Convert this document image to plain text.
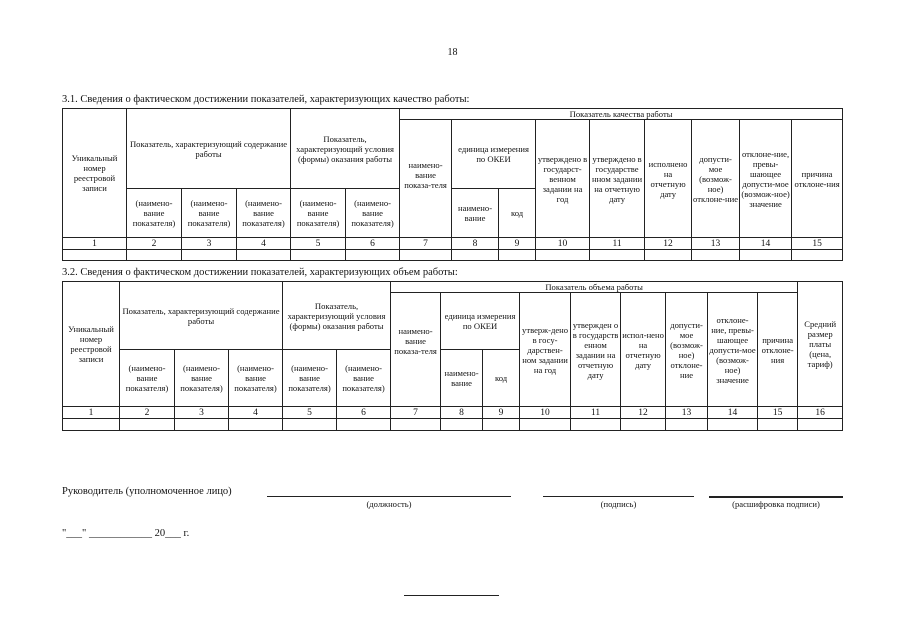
18
3.1. Сведения о фактическом достижении показателей, характеризующих качество работы:
Уникальный номер реестровой записи	Показатель, характеризующий содержание работы			Показатель, характеризующий условия (формы) оказания работы		Показатель качества работы								
						наимено-вание показа-теля	единица измерения по ОКЕИ		утверждено в государст-венном задании на год	утверждено в государстве нном задании на отчетную дату	исполнено на отчетную дату	допусти-мое (возмож-ное) отклоне-ние	отклоне-ние, превы-шающее допусти-мое (возмож-ное) значение	причина отклоне-ния
	(наимено-вание показателя)	(наимено-вание показателя)	(наимено-вание показателя)	(наимено-вание показателя)	(наимено-вание показателя)		наимено-вание	код						
1	2	3	4	5	6	7	8	9	10	11	12	13	14	15

3.2. Сведения о фактическом достижении показателей, характеризующих объем работы:
Уникальный номер реестровой записи	Показатель, характеризующий содержание работы			Показатель, характеризующий условия (формы) оказания работы		Показатель объема работы									Средний размер платы (цена, тариф)
						наимено-вание показа-теля	единица измерения по ОКЕИ		утверж-дено в госу-дарствен-ном задании на год	утвержден о в государств енном задании на отчетную дату	испол-нено на отчетную дату	допусти-мое (возмож-ное) отклоне-ние	отклоне-ние, превы-шающее допусти-мое (возмож-ное) значение	причина отклоне-ния	
	(наимено-вание показателя)	(наимено-вание показателя)	(наимено-вание показателя)	(наимено-вание показателя)	(наимено-вание показателя)		наимено-вание	код							
1	2	3	4	5	6	7	8	9	10	11	12	13	14	15	16

Руководитель (уполномоченное лицо)
(должность)	(подпись)	(расшифровка подписи)
"___" ____________ 20___ г.
